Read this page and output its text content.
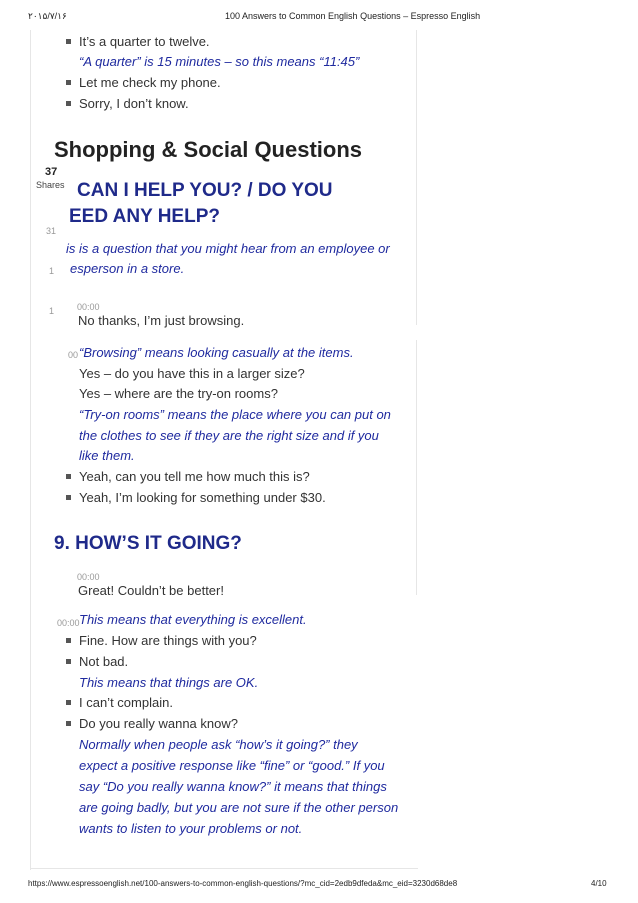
۲۰۱۵/۷/۱۶	100 Answers to Common English Questions – Espresso English
It’s a quarter to twelve.
“A quarter” is 15 minutes – so this means “11:45”
Let me check my phone.
Sorry, I don’t know.
Shopping & Social Questions
37
Shares
31
1
1
CAN I HELP YOU? / DO YOU
EED ANY HELP?
is is a question that you might hear from an employee or
esperson in a store.
00:00
No thanks, I’m just browsing.
00 “Browsing” means looking casually at the items.
Yes – do you have this in a larger size?
Yes – where are the try-on rooms?
“Try-on rooms” means the place where you can put on
the clothes to see if they are the right size and if you
like them.
Yeah, can you tell me how much this is?
Yeah, I’m looking for something under $30.
9. HOW’S IT GOING?
00:00
Great! Couldn’t be better!
00:00 This means that everything is excellent.
Fine. How are things with you?
Not bad.
This means that things are OK.
I can’t complain.
Do you really wanna know?
Normally when people ask “how’s it going?” they
expect a positive response like “fine” or “good.” If you
say “Do you really wanna know?” it means that things
are going badly, but you are not sure if the other person
wants to listen to your problems or not.
https://www.espressoenglish.net/100-answers-to-common-english-questions/?mc_cid=2edb9dfeda&mc_eid=3230d68de8	4/10
